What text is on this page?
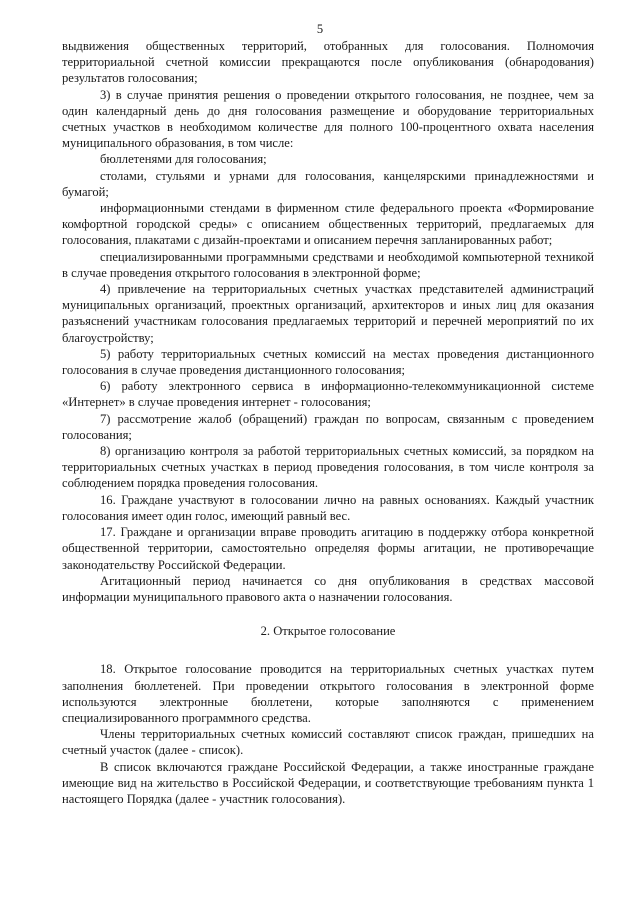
5

выдвижения общественных территорий, отобранных для голосования. Полномочия территориальной счетной комиссии прекращаются после опубликования (обнародования) результатов голосования;

3) в случае принятия решения о проведении открытого голосования, не позднее, чем за один календарный день до дня голосования размещение и оборудование территориальных счетных участков в необходимом количестве для полного 100-процентного охвата населения муниципального образования, в том числе:

бюллетенями для голосования;

столами, стульями и урнами для голосования, канцелярскими принадлежностями и бумагой;

информационными стендами в фирменном стиле федерального проекта «Формирование комфортной городской среды» с описанием общественных территорий, предлагаемых для голосования, плакатами с дизайн-проектами и описанием перечня запланированных работ;

специализированными программными средствами и необходимой компьютерной техникой в случае проведения открытого голосования в электронной форме;

4) привлечение на территориальных счетных участках представителей администраций муниципальных организаций, проектных организаций, архитекторов и иных лиц для оказания разъяснений участникам голосования предлагаемых территорий и перечней мероприятий по их благоустройству;

5) работу территориальных счетных комиссий на местах проведения дистанционного голосования в случае проведения дистанционного голосования;

6) работу электронного сервиса в информационно-телекоммуникационной системе «Интернет» в случае проведения интернет - голосования;

7) рассмотрение жалоб (обращений) граждан по вопросам, связанным с проведением голосования;

8) организацию контроля за работой территориальных счетных комиссий, за порядком на территориальных счетных участках в период проведения голосования, в том числе контроля за соблюдением порядка проведения голосования.

16. Граждане участвуют в голосовании лично на равных основаниях. Каждый участник голосования имеет один голос, имеющий равный вес.

17. Граждане и организации вправе проводить агитацию в поддержку отбора конкретной общественной территории, самостоятельно определяя формы агитации, не противоречащие законодательству Российской Федерации.

Агитационный период начинается со дня опубликования в средствах массовой информации муниципального правового акта о назначении голосования.

2. Открытое голосование

18. Открытое голосование проводится на территориальных счетных участках путем заполнения бюллетеней. При проведении открытого голосования в электронной форме используются электронные бюллетени, которые заполняются с применением специализированного программного средства.

Члены территориальных счетных комиссий составляют список граждан, пришедших на счетный участок (далее - список).

В список включаются граждане Российской Федерации, а также иностранные граждане имеющие вид на жительство в Российской Федерации, и соответствующие требованиям пункта 1 настоящего Порядка (далее - участник голосования).
